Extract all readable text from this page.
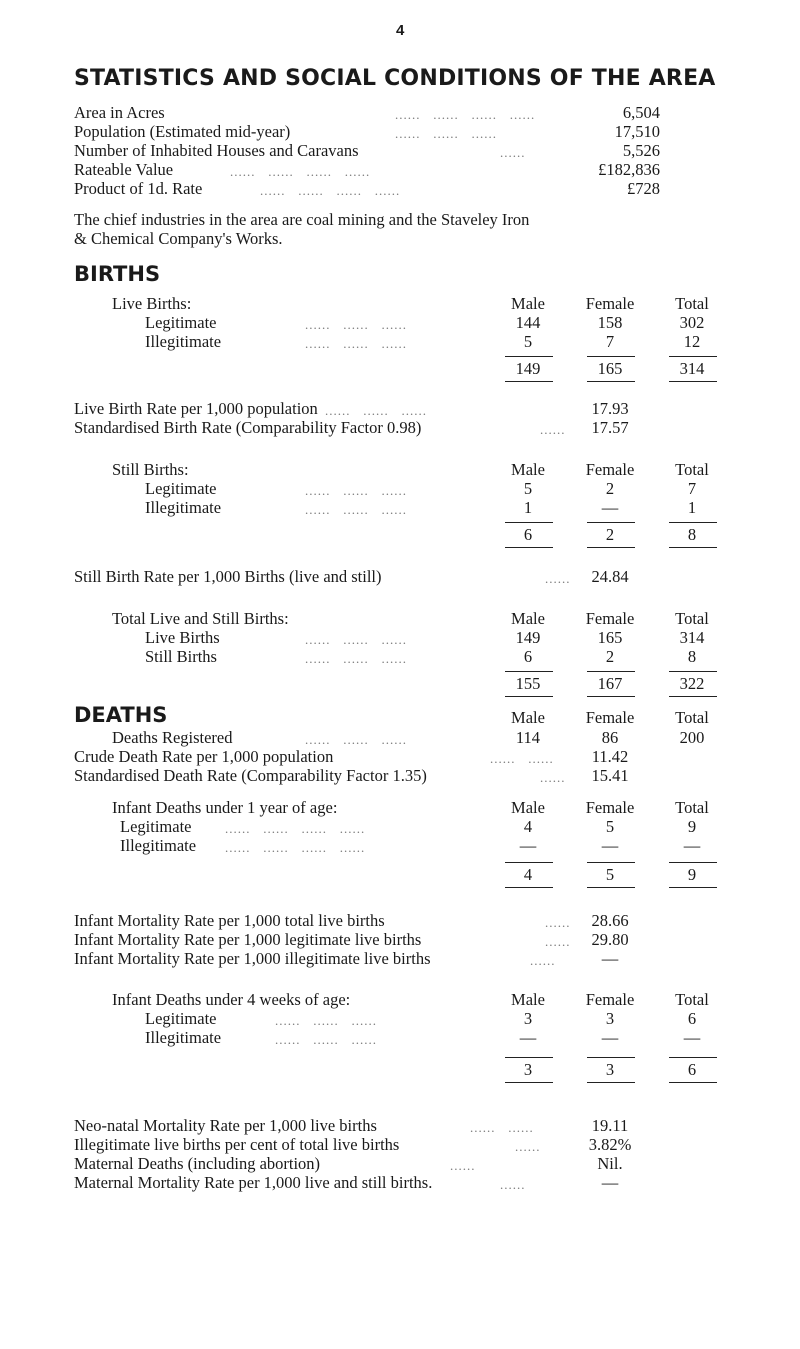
4
STATISTICS AND SOCIAL CONDITIONS OF THE AREA
Area in Acres	......   ......   ......   ......	6,504
Population (Estimated mid-year)	......   ......   ......	17,510
Number of Inhabited Houses and Caravans	......	5,526
Rateable Value	......   ......   ......   ......	£182,836
Product of 1d. Rate	......   ......   ......   ......	£728
The chief industries in the area are coal mining and the Staveley Iron
& Chemical Company's Works.
BIRTHS
Live Births:	Male	Female	Total
Legitimate	......   ......   ......	144	158	302
Illegitimate	......   ......   ......	5	7	12
149	165	314
Live Birth Rate per 1,000 population ......   ......   ......	17.93
Standardised Birth Rate (Comparability Factor 0.98)	......	17.57
Still Births:	Male	Female	Total
Legitimate	......   ......   ......	5	2	7
Illegitimate	......   ......   ......	1	—	1
6	2	8
Still Birth Rate per 1,000 Births (live and still)	......	24.84
Total Live and Still Births:	Male	Female	Total
Live Births	......   ......   ......	149	165	314
Still Births	......   ......   ......	6	2	8
155	167	322
DEATHS	Male	Female	Total
Deaths Registered	......   ......   ......	114	86	200
Crude Death Rate per 1,000 population	......   ......	11.42
Standardised Death Rate (Comparability Factor 1.35)	......	15.41
Infant Deaths under 1 year of age:	Male	Female	Total
Legitimate	......   ......   ......   ......	4	5	9
Illegitimate ......   ......   ......   ......	—	—	—
4	5	9
Infant Mortality Rate per 1,000 total live births	......	28.66
Infant Mortality Rate per 1,000 legitimate live births	......	29.80
Infant Mortality Rate per 1,000 illegitimate live births	......	—
Infant Deaths under 4 weeks of age:	Male	Female	Total
Legitimate	......   ......   ......	3	3	6
Illegitimate	......   ......   ......	—	—	—
3	3	6
Neo-natal Mortality Rate per 1,000 live births	......   ......	19.11
Illegitimate live births per cent of total live births	......	3.82%
Maternal Deaths (including abortion)	......	Nil.
Maternal Mortality Rate per 1,000 live and still births.	......	—
